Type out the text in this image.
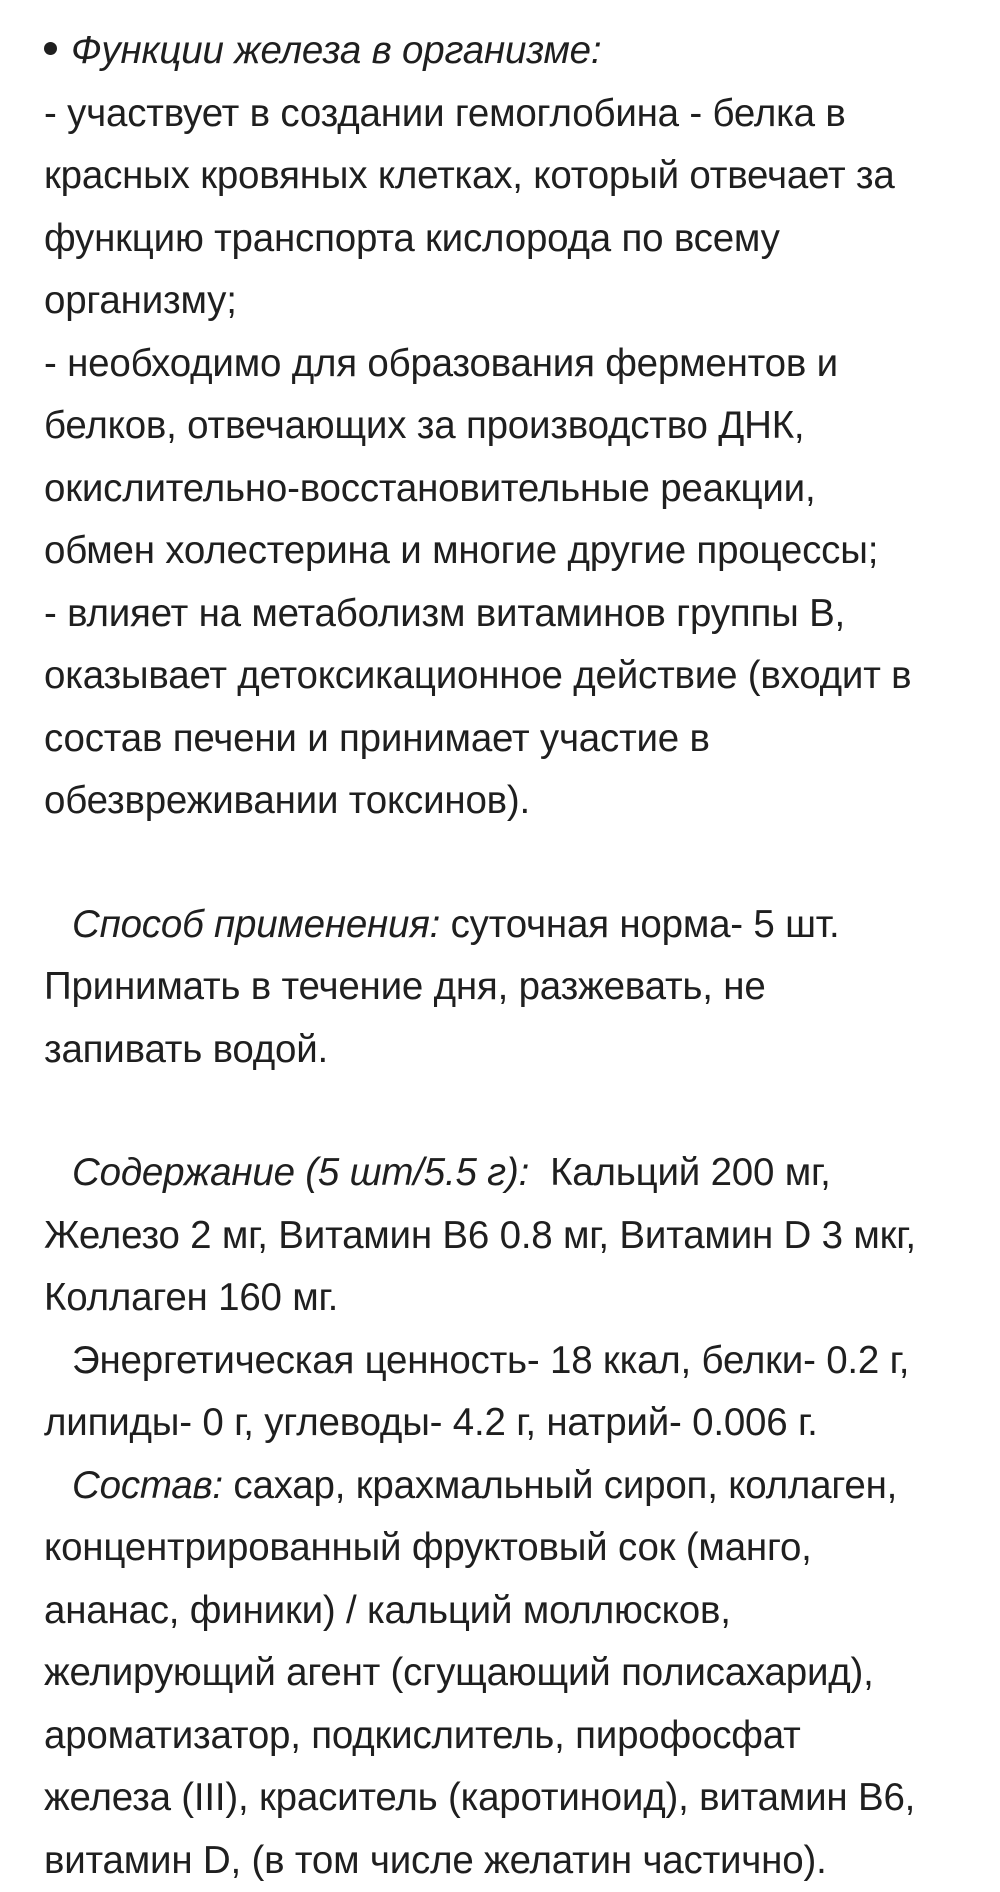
Функции железа в организме:
- участвует в создании гемоглобина - белка в
красных кровяных клетках, который отвечает за
функцию транспорта кислорода по всему
организму;
- необходимо для образования ферментов и
белков, отвечающих за производство ДНК,
окислительно-восстановительные реакции,
обмен холестерина и многие другие процессы;
- влияет на метаболизм витаминов группы В,
оказывает детоксикационное действие (входит в
состав печени и принимает участие в
обезвреживании токсинов).
Способ применения: суточная норма- 5 шт.
Принимать в течение дня, разжевать, не
запивать водой.
Содержание (5 шт/5.5 г):  Кальций 200 мг,
Железо 2 мг, Витамин В6 0.8 мг, Витамин D 3 мкг,
Коллаген 160 мг.
Энергетическая ценность- 18 ккал, белки- 0.2 г,
липиды- 0 г, углеводы- 4.2 г, натрий- 0.006 г.
Состав: сахар, крахмальный сироп, коллаген,
концентрированный фруктовый сок (манго,
ананас, финики) / кальций моллюсков,
желирующий агент (сгущающий полисахарид),
ароматизатор, подкислитель, пирофосфат
железа (III), краситель (каротиноид), витамин В6,
витамин D, (в том числе желатин частично).
